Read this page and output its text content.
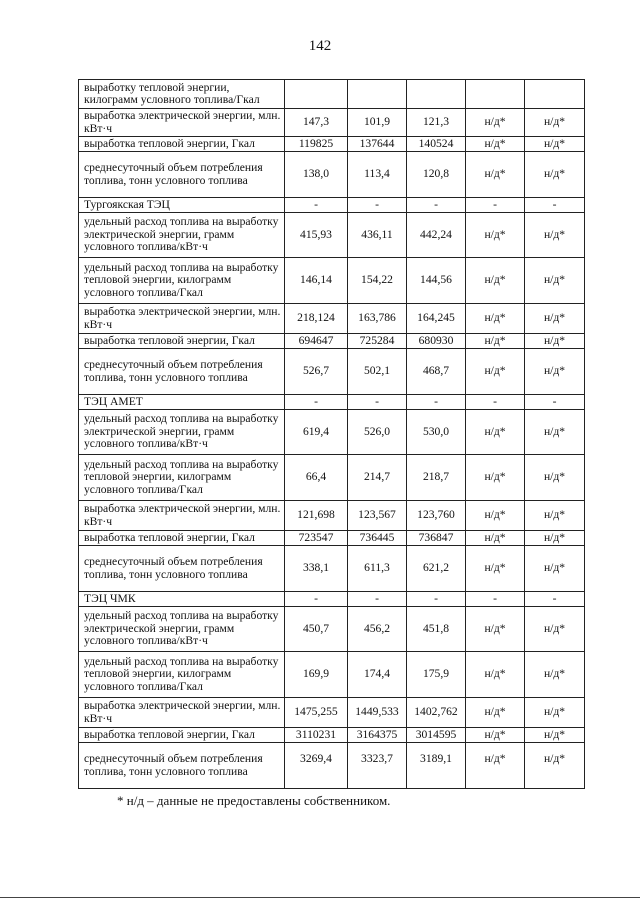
142
выработку тепловой энергии, килограмм условного топлива/Гкал					
выработка электрической энергии, млн. кВт·ч	147,3	101,9	121,3	н/д*	н/д*
выработка тепловой энергии, Гкал	119825	137644	140524	н/д*	н/д*
среднесуточный объем потребления топлива, тонн условного топлива	138,0	113,4	120,8	н/д*	н/д*
Тургоякская ТЭЦ	-	-	-	-	-
удельный расход топлива на выработку электрической энергии, грамм условного топлива/кВт·ч	415,93	436,11	442,24	н/д*	н/д*
удельный расход топлива на выработку тепловой энергии, килограмм условного топлива/Гкал	146,14	154,22	144,56	н/д*	н/д*
выработка электрической энергии, млн. кВт·ч	218,124	163,786	164,245	н/д*	н/д*
выработка тепловой энергии, Гкал	694647	725284	680930	н/д*	н/д*
среднесуточный объем потребления топлива, тонн условного топлива	526,7	502,1	468,7	н/д*	н/д*
ТЭЦ АМЕТ	-	-	-	-	-
удельный расход топлива на выработку электрической энергии, грамм условного топлива/кВт·ч	619,4	526,0	530,0	н/д*	н/д*
удельный расход топлива на выработку тепловой энергии, килограмм условного топлива/Гкал	66,4	214,7	218,7	н/д*	н/д*
выработка электрической энергии, млн. кВт·ч	121,698	123,567	123,760	н/д*	н/д*
выработка тепловой энергии, Гкал	723547	736445	736847	н/д*	н/д*
среднесуточный объем потребления топлива, тонн условного топлива	338,1	611,3	621,2	н/д*	н/д*
ТЭЦ ЧМК	-	-	-	-	-
удельный расход топлива на выработку электрической энергии, грамм условного топлива/кВт·ч	450,7	456,2	451,8	н/д*	н/д*
удельный расход топлива на выработку тепловой энергии, килограмм условного топлива/Гкал	169,9	174,4	175,9	н/д*	н/д*
выработка электрической энергии, млн. кВт·ч	1475,255	1449,533	1402,762	н/д*	н/д*
выработка тепловой энергии, Гкал	3110231	3164375	3014595	н/д*	н/д*
среднесуточный объем потребления топлива, тонн условного топлива	3269,4	3323,7	3189,1	н/д*	н/д*
* н/д – данные не предоставлены собственником.
